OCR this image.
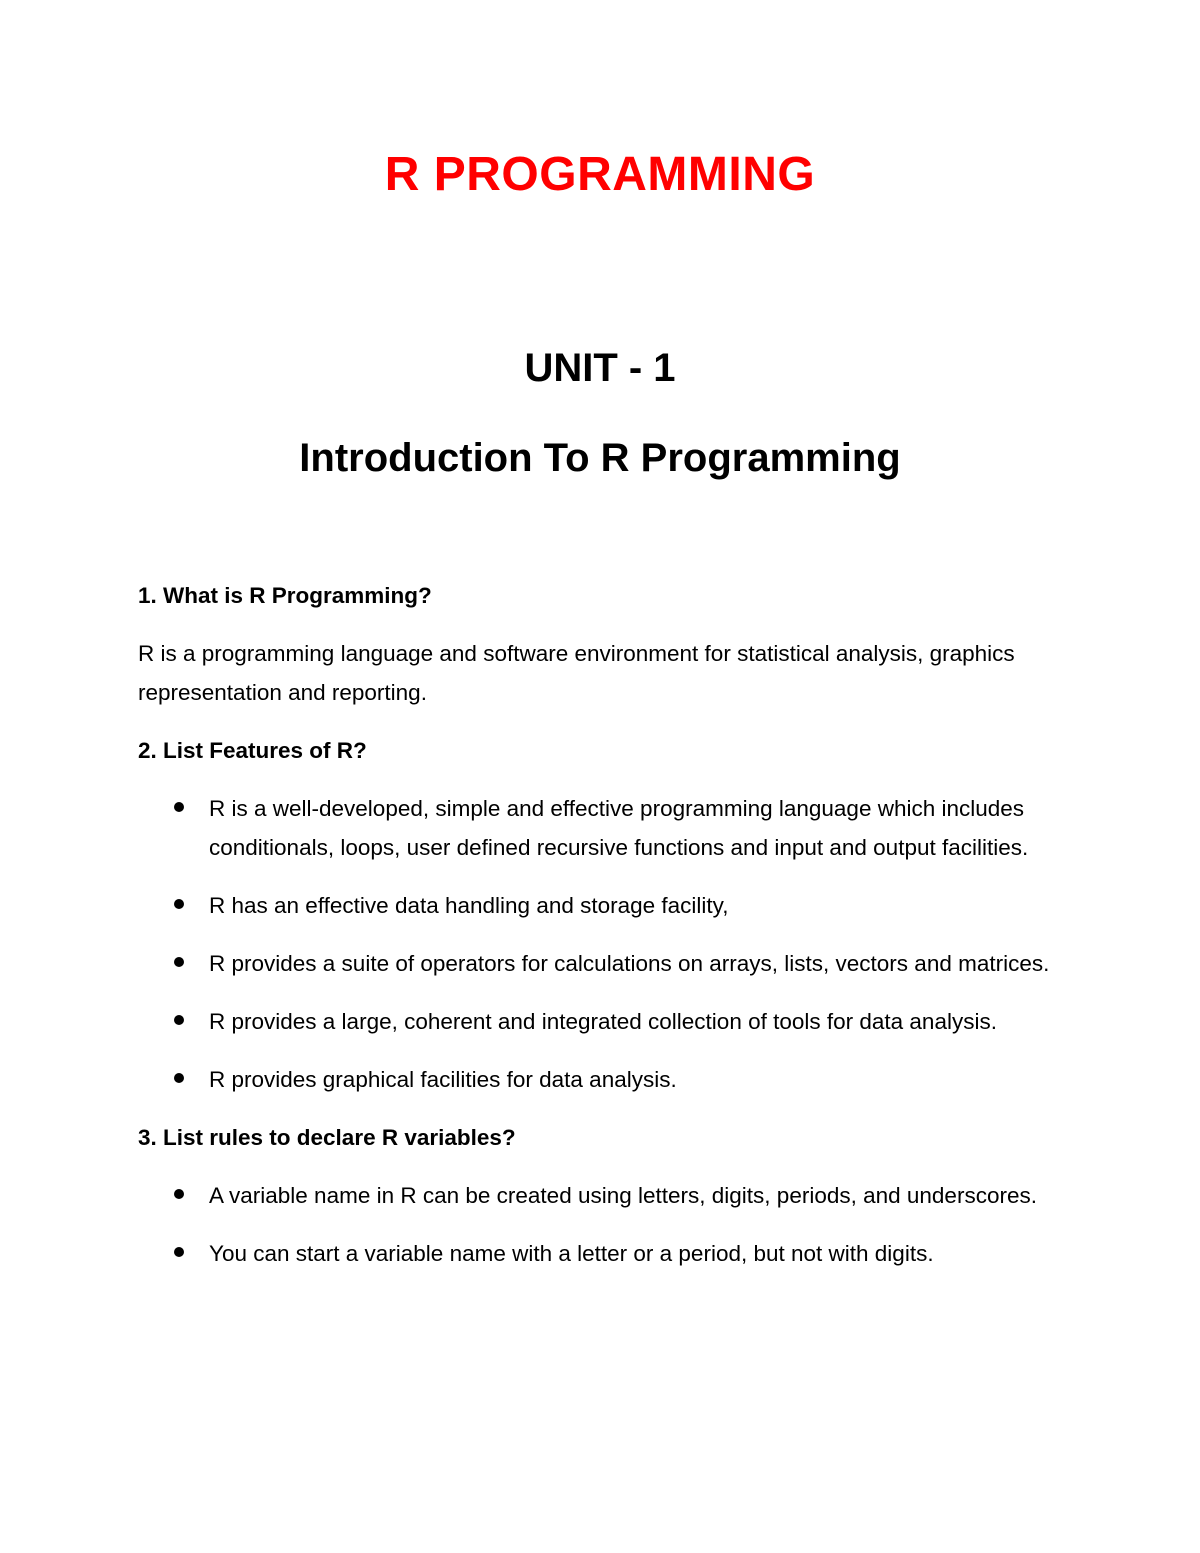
R PROGRAMMING
UNIT - 1
Introduction To R Programming
1. What is R Programming?
R is a programming language and software environment for statistical analysis, graphics representation and reporting.
2. List Features of R?
R is a well-developed, simple and effective programming language which includes conditionals, loops, user defined recursive functions and input and output facilities.
R has an effective data handling and storage facility,
R provides a suite of operators for calculations on arrays, lists, vectors and matrices.
R provides a large, coherent and integrated collection of tools for data analysis.
R provides graphical facilities for data analysis.
3. List rules to declare R variables?
A variable name in R can be created using letters, digits, periods, and underscores.
You can start a variable name with a letter or a period, but not with digits.
